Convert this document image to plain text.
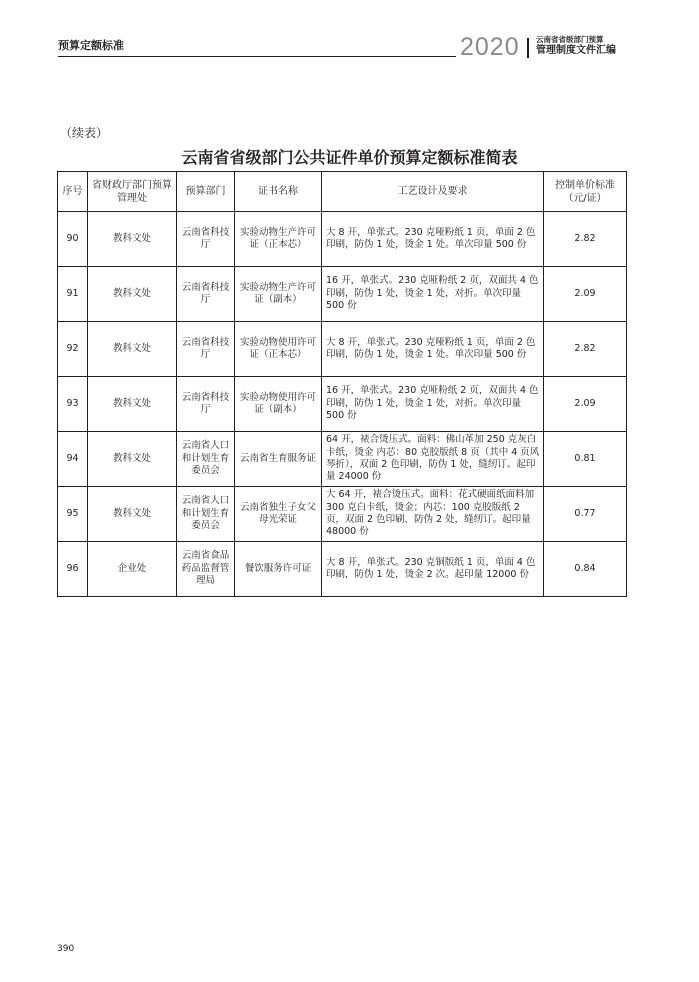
预算定额标准	2020 云南省省级部门预算
管理制度文件汇编
（续表）
云南省省级部门公共证件单价预算定额标准简表
序号	省财政厅部门预算管理处	预算部门	证书名称	工艺设计及要求	控制单价标准（元/证）
90	教科文处	云南省科技厅	实验动物生产许可证（正本芯）	大 8 开，单张式。230 克哑粉纸 1 页，单面 2 色印刷，防伪 1 处，烫金 1 处。单次印量 500 份	2.82
91	教科文处	云南省科技厅	实验动物生产许可证（副本）	16 开，单张式。230 克哑粉纸 2 页，双面共 4 色印刷，防伪 1 处，烫金 1 处，对折。单次印量 500 份	2.09
92	教科文处	云南省科技厅	实验动物使用许可证（正本芯）	大 8 开，单张式。230 克哑粉纸 1 页，单面 2 色印刷，防伪 1 处，烫金 1 处。单次印量 500 份	2.82
93	教科文处	云南省科技厅	实验动物使用许可证（副本）	16 开，单张式。230 克哑粉纸 2 页，双面共 4 色印刷，防伪 1 处，烫金 1 处，对折。单次印量 500 份	2.09
94	教科文处	云南省人口和计划生育委员会	云南省生育服务证	64 开，裱合烫压式。面料：佛山革加 250 克灰白卡纸，烫金 内芯：80 克胶版纸 8 页（其中 4 页风琴折），双面 2 色印刷，防伪 1 处，缝纫订。起印量 24000 份	0.81
95	教科文处	云南省人口和计划生育委员会	云南省独生子女父母光荣证	大 64 开，裱合烫压式。面料：花式硬面纸面料加 300 克白卡纸，烫金；内芯：100 克胶版纸 2 页，双面 2 色印刷，防伪 2 处，缝纫订。起印量 48000 份	0.77
96	企业处	云南省食品药品监督管理局	餐饮服务许可证	大 8 开，单张式。230 克铜版纸 1 页，单面 4 色印刷，防伪 1 处，烫金 2 次。起印量 12000 份	0.84
390
